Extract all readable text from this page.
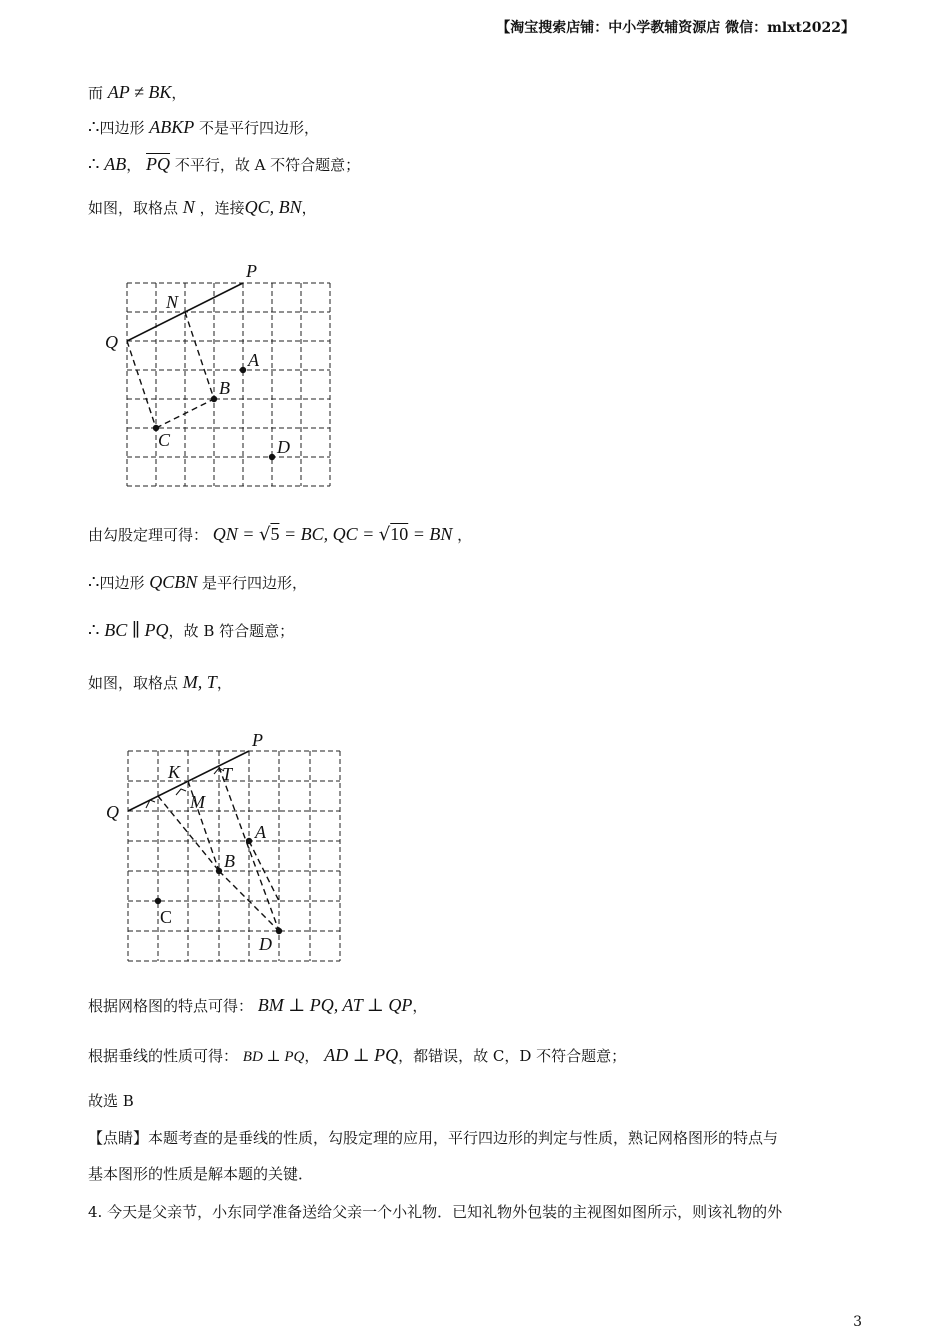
【淘宝搜索店铺：中小学教辅资源店 微信：mlxt2022】
而 AP ≠ BK，
∴四边形 ABKP 不是平行四边形，
∴ AB， $\overline{PQ}$ 不平行，故 A 不符合题意；
如图，取格点 N ，连接QC, BN，
P
N
Q
A
B
C	D
由勾股定理可得： QN = √5 = BC, QC = √10 = BN ，
∴四边形 QCBN 是平行四边形，
∴ BC ∥ PQ，故 B 符合题意；
如图，取格点 M, T，
P
K T
M
Q
A
B
C
D
根据网格图的特点可得： BM ⊥ PQ, AT ⊥ QP，
根据垂线的性质可得： BD ⊥ PQ， AD ⊥ PQ，都错误，故 C，D 不符合题意；
故选 B
【点睛】本题考查的是垂线的性质，勾股定理的应用，平行四边形的判定与性质，熟记网格图形的特点与
基本图形的性质是解本题的关键．
4. 今天是父亲节，小东同学准备送给父亲一个小礼物．已知礼物外包装的主视图如图所示，则该礼物的外
3
